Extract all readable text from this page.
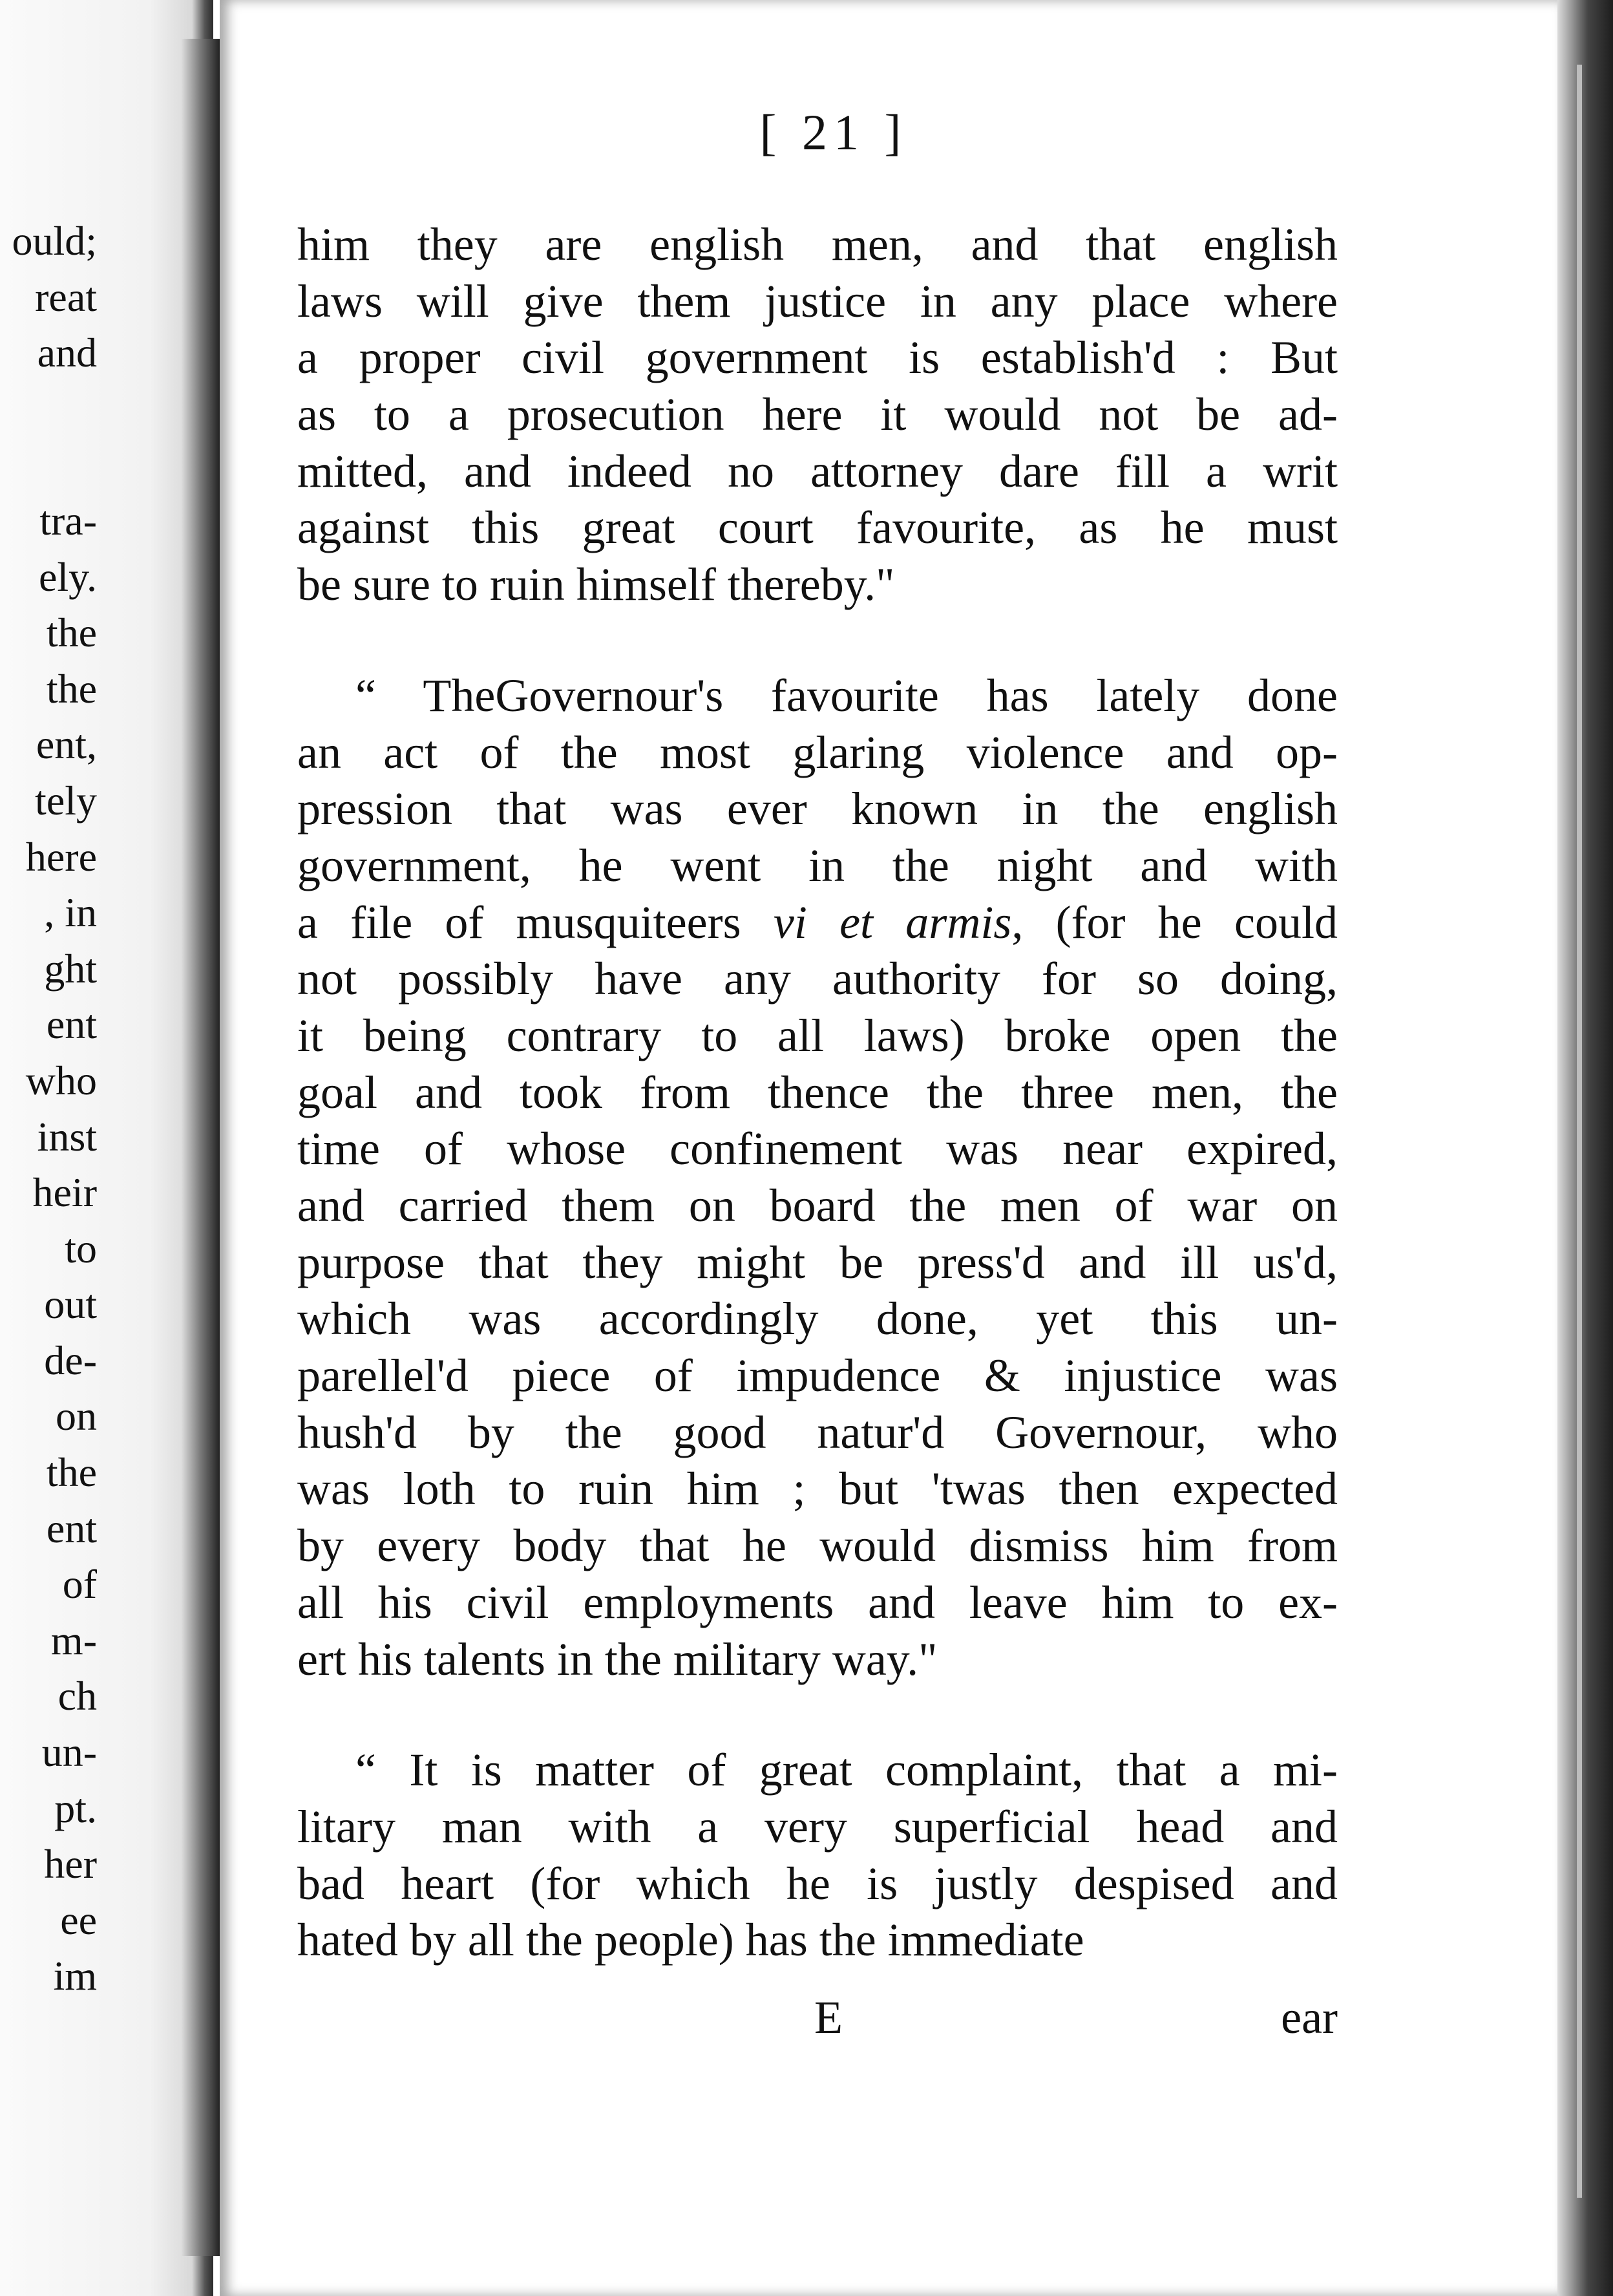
ould;
reat
and

tra-
ely.
the
the
ent,
tely
here
, in
ght
ent
who
inst
heir
to
out
de-
on
the
ent
of
m-
ch
un-
pt.
her
ee
im
[ 21 ]
him they are english men, and that english
laws will give them justice in any place where
a proper civil government is establish'd : But
as to a prosecution here it would not be ad-
mitted, and indeed no attorney dare fill a writ
against this great court favourite, as he must
be sure to ruin himself thereby."
“ TheGovernour's favourite has lately done
an act of the most glaring violence and op-
pression that was ever known in the english
government, he went in the night and with
a file of musquiteers vi et armis, (for he could
not possibly have any authority for so doing,
it being contrary to all laws) broke open the
goal and took from thence the three men, the
time of whose confinement was near expired,
and carried them on board the men of war on
purpose that they might be press'd and ill us'd,
which was accordingly done, yet this un-
parellel'd piece of impudence & injustice was
hush'd by the good natur'd Governour, who
was loth to ruin him ; but 'twas then expected
by every body that he would dismiss him from
all his civil employments and leave him to ex-
ert his talents in the military way."
“ It is matter of great complaint, that a mi-
litary man with a very superficial head and
bad heart (for which he is justly despised and
hated by all the people) has the immediate
E	ear
